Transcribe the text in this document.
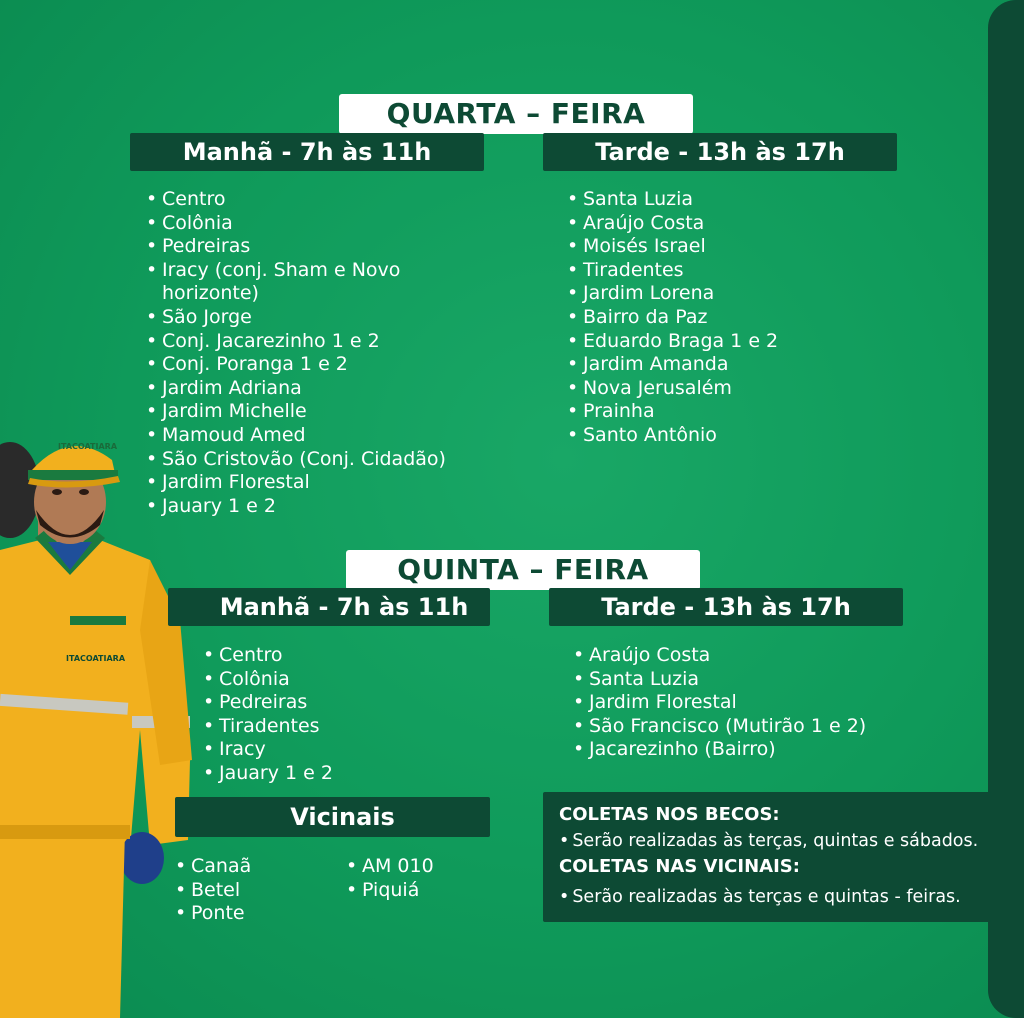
ITACOATIARA
ITACOATIARA
QUARTA – FEIRA
Manhã - 7h às 11h	Tarde - 13h às 17h
• Centro
• Colônia
• Pedreiras
• Iracy (conj. Sham e Novo horizonte)
• São Jorge
• Conj. Jacarezinho 1 e 2
• Conj. Poranga 1 e 2
• Jardim Adriana
• Jardim Michelle
• Mamoud Amed
• São Cristovão (Conj. Cidadão)
• Jardim Florestal
• Jauary 1 e 2
• Santa Luzia
• Araújo Costa
• Moisés Israel
• Tiradentes
• Jardim Lorena
• Bairro da Paz
• Eduardo Braga 1 e 2
• Jardim Amanda
• Nova Jerusalém
• Prainha
• Santo Antônio
QUINTA – FEIRA
Manhã - 7h às 11h	Tarde - 13h às 17h
• Centro
• Colônia
• Pedreiras
• Tiradentes
• Iracy
• Jauary 1 e 2
• Araújo Costa
• Santa Luzia
• Jardim Florestal
• São Francisco (Mutirão 1 e 2)
• Jacarezinho (Bairro)
Vicinais
• Canaã
• Betel
• Ponte
• AM 010
• Piquiá
COLETAS NOS BECOS:
• Serão realizadas às terças, quintas e sábados.
COLETAS NAS VICINAIS:
• Serão realizadas às terças e quintas - feiras.
